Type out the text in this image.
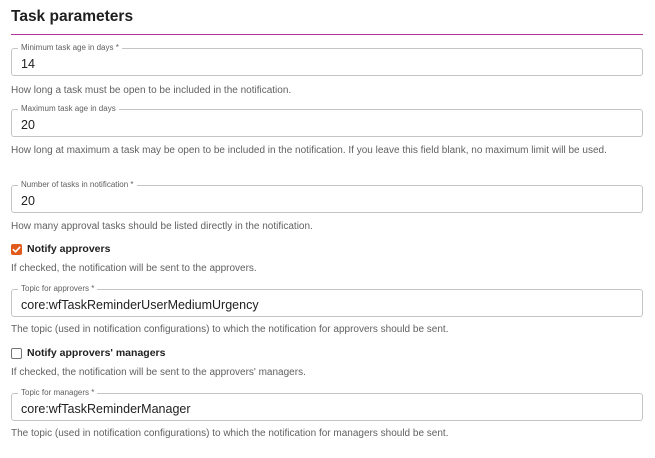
Task parameters
Minimum task age in days *
14
How long a task must be open to be included in the notification.
Maximum task age in days
20
How long at maximum a task may be open to be included in the notification. If you leave this field blank, no maximum limit will be used.
Number of tasks in notification *
20
How many approval tasks should be listed directly in the notification.
Notify approvers
If checked, the notification will be sent to the approvers.
Topic for approvers *
core:wfTaskReminderUserMediumUrgency
The topic (used in notification configurations) to which the notification for approvers should be sent.
Notify approvers' managers
If checked, the notification will be sent to the approvers' managers.
Topic for managers *
core:wfTaskReminderManager
The topic (used in notification configurations) to which the notification for managers should be sent.
